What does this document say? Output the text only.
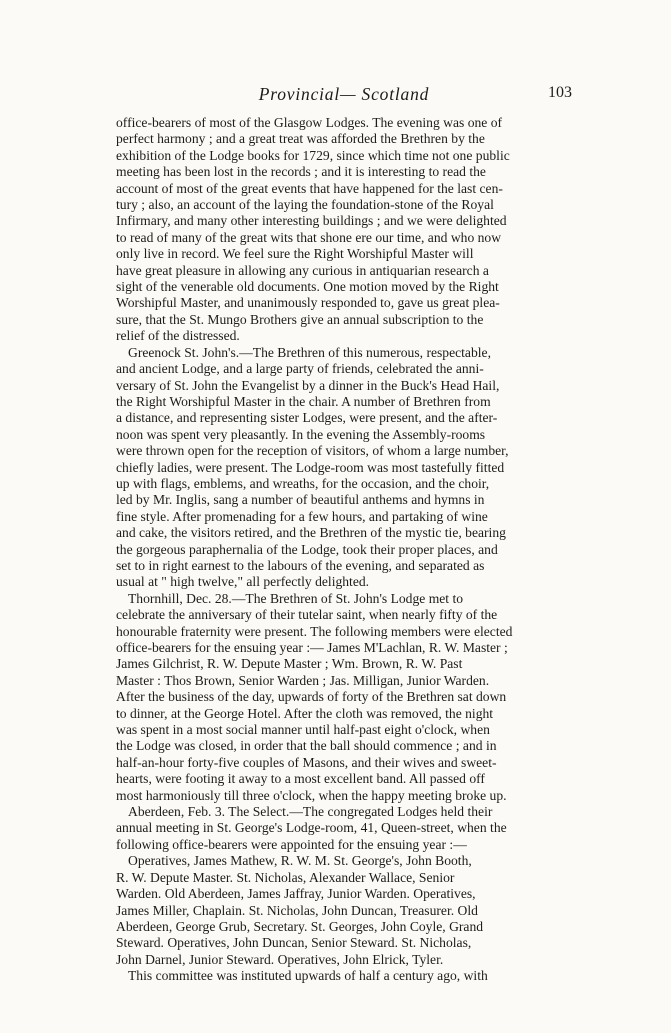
Provincial— Scotland	103
office-bearers of most of the Glasgow Lodges. The evening was one of
perfect harmony ; and a great treat was afforded the Brethren by the
exhibition of the Lodge books for 1729, since which time not one public
meeting has been lost in the records ; and it is interesting to read the
account of most of the great events that have happened for the last cen-
tury ; also, an account of the laying the foundation-stone of the Royal
Infirmary, and many other interesting buildings ; and we were delighted
to read of many of the great wits that shone ere our time, and who now
only live in record. We feel sure the Right Worshipful Master will
have great pleasure in allowing any curious in antiquarian research a
sight of the venerable old documents. One motion moved by the Right
Worshipful Master, and unanimously responded to, gave us great plea-
sure, that the St. Mungo Brothers give an annual subscription to the
relief of the distressed.
Greenock St. John's.—The Brethren of this numerous, respectable,
and ancient Lodge, and a large party of friends, celebrated the anni-
versary of St. John the Evangelist by a dinner in the Buck's Head Hail,
the Right Worshipful Master in the chair. A number of Brethren from
a distance, and representing sister Lodges, were present, and the after-
noon was spent very pleasantly. In the evening the Assembly-rooms
were thrown open for the reception of visitors, of whom a large number,
chiefly ladies, were present. The Lodge-room was most tastefully fitted
up with flags, emblems, and wreaths, for the occasion, and the choir,
led by Mr. Inglis, sang a number of beautiful anthems and hymns in
fine style. After promenading for a few hours, and partaking of wine
and cake, the visitors retired, and the Brethren of the mystic tie, bearing
the gorgeous paraphernalia of the Lodge, took their proper places, and
set to in right earnest to the labours of the evening, and separated as
usual at " high twelve," all perfectly delighted.
Thornhill, Dec. 28.—The Brethren of St. John's Lodge met to
celebrate the anniversary of their tutelar saint, when nearly fifty of the
honourable fraternity were present. The following members were elected
office-bearers for the ensuing year :— James M'Lachlan, R. W. Master ;
James Gilchrist, R. W. Depute Master ; Wm. Brown, R. W. Past
Master : Thos Brown, Senior Warden ; Jas. Milligan, Junior Warden.
After the business of the day, upwards of forty of the Brethren sat down
to dinner, at the George Hotel. After the cloth was removed, the night
was spent in a most social manner until half-past eight o'clock, when
the Lodge was closed, in order that the ball should commence ; and in
half-an-hour forty-five couples of Masons, and their wives and sweet-
hearts, were footing it away to a most excellent band. All passed off
most harmoniously till three o'clock, when the happy meeting broke up.
Aberdeen, Feb. 3. The Select.—The congregated Lodges held their
annual meeting in St. George's Lodge-room, 41, Queen-street, when the
following office-bearers were appointed for the ensuing year :—
Operatives, James Mathew, R. W. M. St. George's, John Booth,
R. W. Depute Master. St. Nicholas, Alexander Wallace, Senior
Warden. Old Aberdeen, James Jaffray, Junior Warden. Operatives,
James Miller, Chaplain. St. Nicholas, John Duncan, Treasurer. Old
Aberdeen, George Grub, Secretary. St. Georges, John Coyle, Grand
Steward. Operatives, John Duncan, Senior Steward. St. Nicholas,
John Darnel, Junior Steward. Operatives, John Elrick, Tyler.
This committee was instituted upwards of half a century ago, with
